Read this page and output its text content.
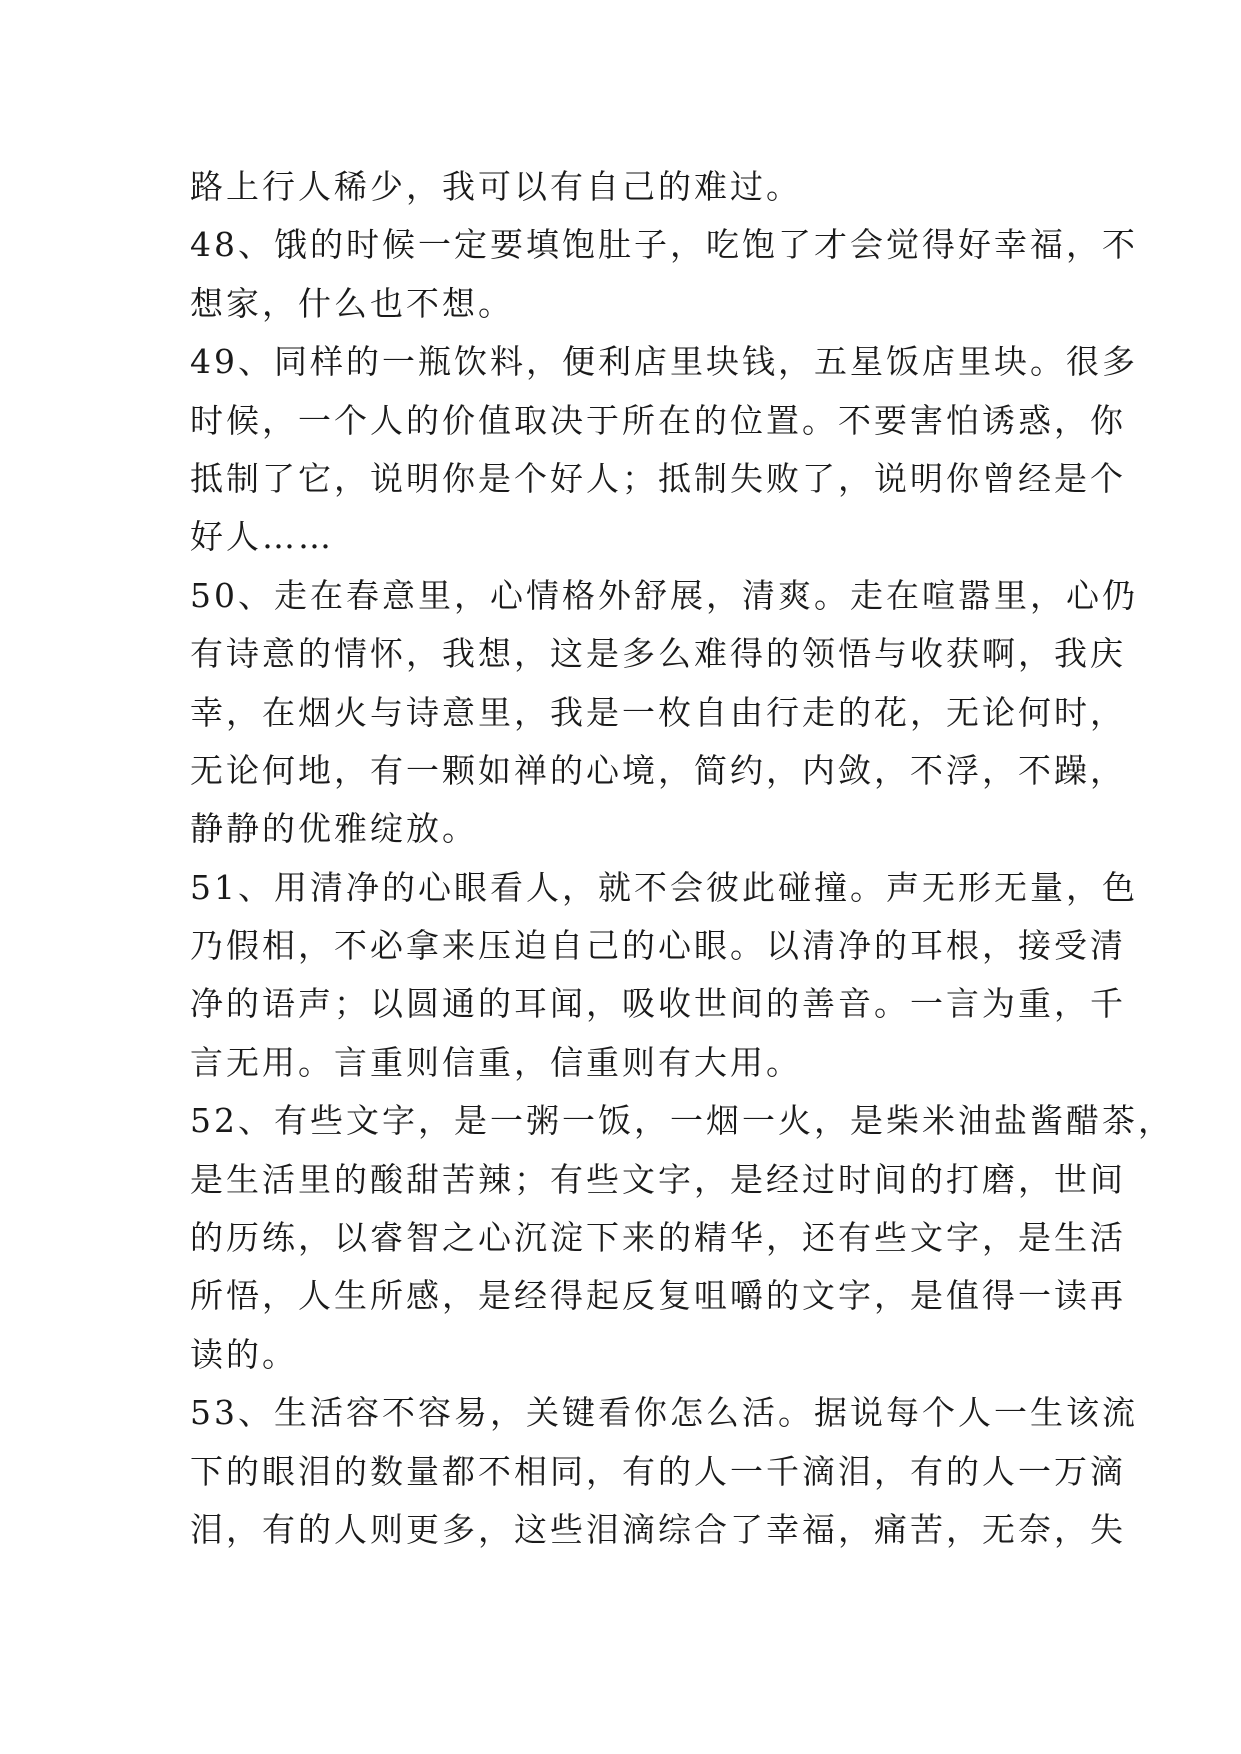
路上行人稀少，我可以有自己的难过。

48、饿的时候一定要填饱肚子，吃饱了才会觉得好幸福，不

想家，什么也不想。

49、同样的一瓶饮料，便利店里块钱，五星饭店里块。很多

时候，一个人的价值取决于所在的位置。不要害怕诱惑，你

抵制了它，说明你是个好人；抵制失败了，说明你曾经是个

好人……

50、走在春意里，心情格外舒展，清爽。走在喧嚣里，心仍

有诗意的情怀，我想，这是多么难得的领悟与收获啊，我庆

幸，在烟火与诗意里，我是一枚自由行走的花，无论何时，

无论何地，有一颗如禅的心境，简约，内敛，不浮，不躁，

静静的优雅绽放。

51、用清净的心眼看人，就不会彼此碰撞。声无形无量，色

乃假相，不必拿来压迫自己的心眼。以清净的耳根，接受清

净的语声；以圆通的耳闻，吸收世间的善音。一言为重，千

言无用。言重则信重，信重则有大用。

52、有些文字，是一粥一饭，一烟一火，是柴米油盐酱醋茶，

是生活里的酸甜苦辣；有些文字，是经过时间的打磨，世间

的历练，以睿智之心沉淀下来的精华，还有些文字，是生活

所悟，人生所感，是经得起反复咀嚼的文字，是值得一读再

读的。

53、生活容不容易，关键看你怎么活。据说每个人一生该流

下的眼泪的数量都不相同，有的人一千滴泪，有的人一万滴

泪，有的人则更多，这些泪滴综合了幸福，痛苦，无奈，失
